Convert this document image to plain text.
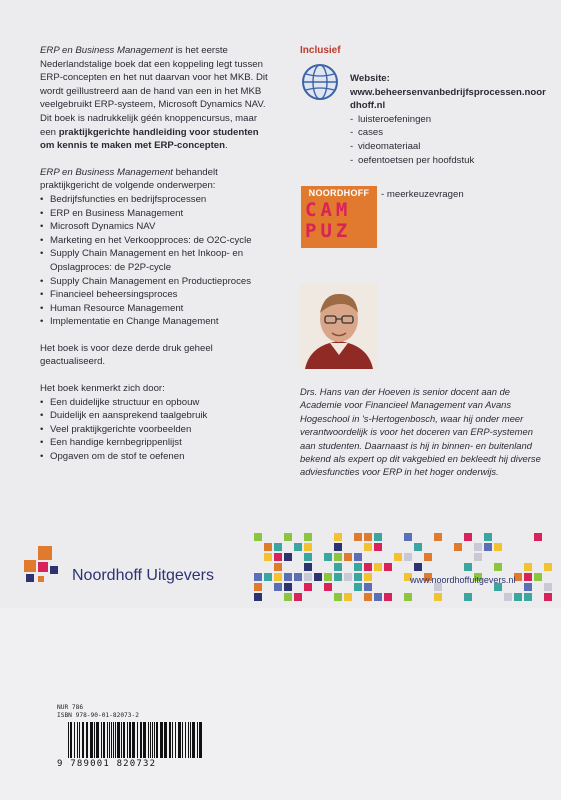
ERP en Business Management is het eerste Nederlandstalige boek dat een koppeling legt tussen ERP-concepten en het nut daarvan voor het MKB. Dit wordt geïllustreerd aan de hand van een in het MKB veelgebruikt ERP-systeem, Microsoft Dynamics NAV. Dit boek is nadrukkelijk géén knoppencursus, maar een praktijkgerichte handleiding voor studenten om kennis te maken met ERP-concepten.

ERP en Business Management behandelt praktijkgericht de volgende onderwerpen:

• Bedrijfsfuncties en bedrijfsprocessen
• ERP en Business Management
• Microsoft Dynamics NAV
• Marketing en het Verkoopproces: de O2C-cycle
• Supply Chain Management en het Inkoop- en Opslagproces: de P2P-cycle
• Supply Chain Management en Productieproces
• Financieel beheersingsproces
• Human Resource Management
• Implementatie en Change Management

Het boek is voor deze derde druk geheel geactualiseerd.

Het boek kenmerkt zich door:

• Een duidelijke structuur en opbouw
• Duidelijk en aansprekend taalgebruik
• Veel praktijkgerichte voorbeelden
• Een handige kernbegrippenlijst
• Opgaven om de stof te oefenen
Inclusief
Website:
www.beheersenvanbedrijfsprocessen.noordhoff.nl
- luisteroefeningen
- cases
- videomateriaal
- oefentoetsen per hoofdstuk
NOORDHOFF
CAM
PUZ
- meerkeuzevragen
Drs. Hans van der Hoeven is senior docent aan de Academie voor Financieel Management van Avans Hogeschool in 's-Hertogenbosch, waar hij onder meer verantwoordelijk is voor het doceren van ERP-systemen aan studenten. Daarnaast is hij in binnen- en buitenland bekend als expert op dit vakgebied en bekleedt hij diverse adviesfuncties voor ERP in het hoger onderwijs.
Noordhoff Uitgevers	www.noordhoffuitgevers.nl
NUR 786
ISBN 978-90-01-82073-2
9 789001 820732
